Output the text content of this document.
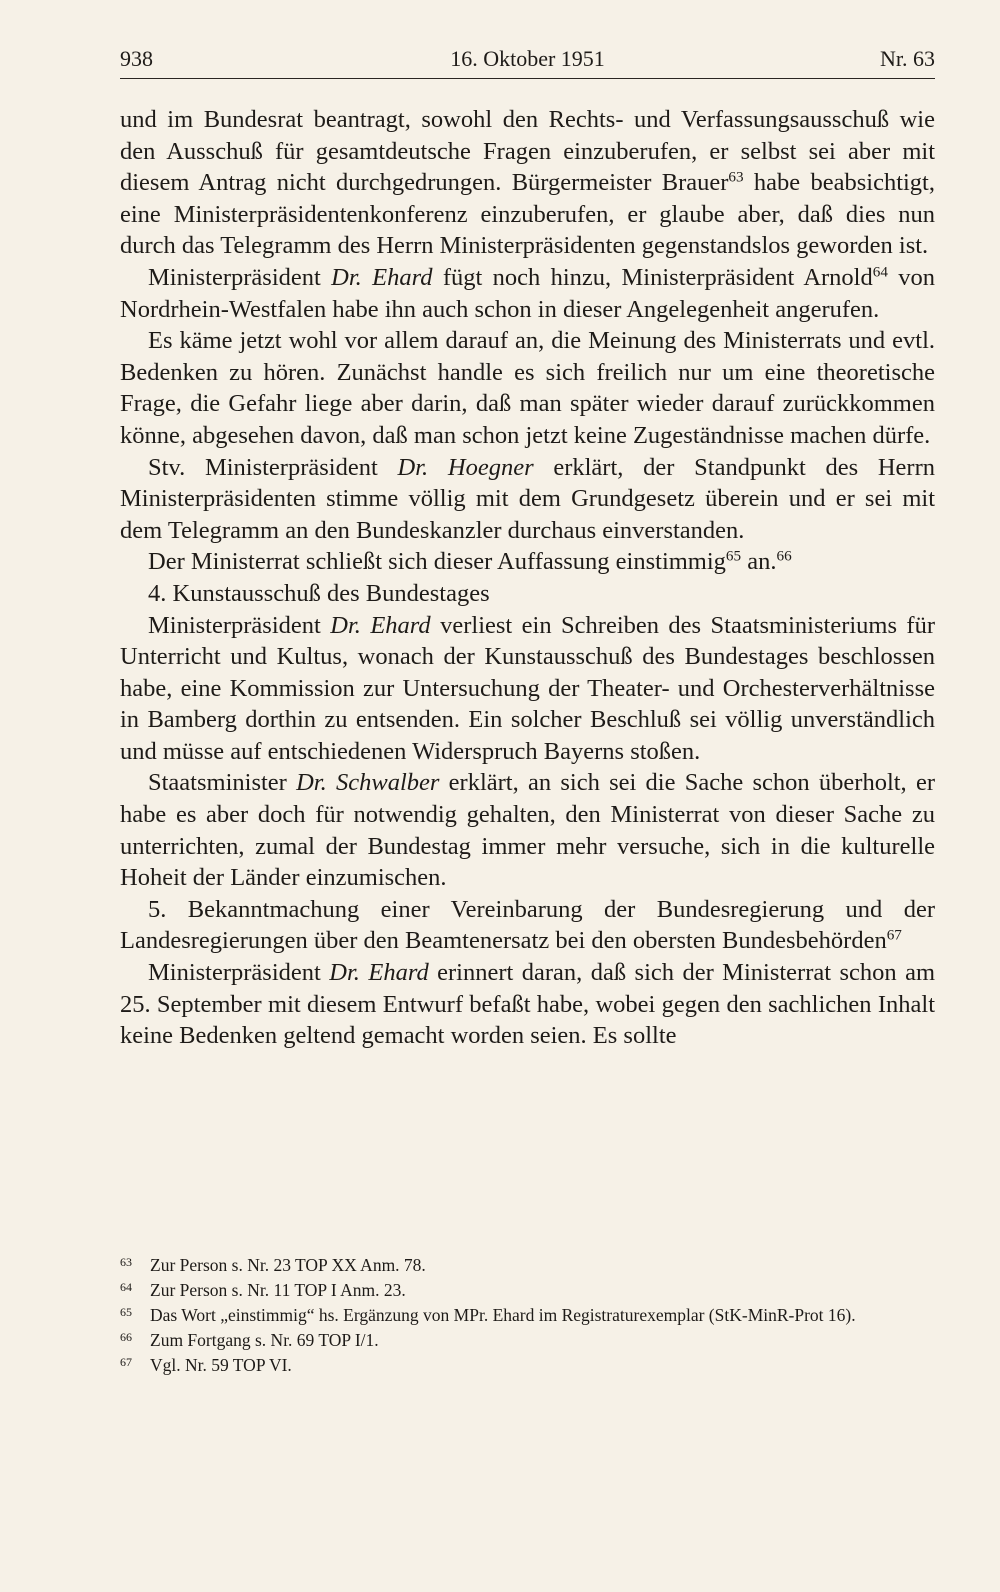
938	16. Oktober 1951	Nr. 63

und im Bundesrat beantragt, sowohl den Rechts- und Verfassungsausschuß wie den Ausschuß für gesamtdeutsche Fragen einzuberufen, er selbst sei aber mit diesem Antrag nicht durchgedrungen. Bürgermeister Brauer$^{63}$ habe beabsichtigt, eine Ministerpräsidentenkonferenz einzuberufen, er glaube aber, daß dies nun durch das Telegramm des Herrn Ministerpräsidenten gegenstandslos geworden ist.

Ministerpräsident Dr. Ehard fügt noch hinzu, Ministerpräsident Arnold$^{64}$ von Nordrhein-Westfalen habe ihn auch schon in dieser Angelegenheit angerufen.

Es käme jetzt wohl vor allem darauf an, die Meinung des Ministerrats und evtl. Bedenken zu hören. Zunächst handle es sich freilich nur um eine theoretische Frage, die Gefahr liege aber darin, daß man später wieder darauf zurückkommen könne, abgesehen davon, daß man schon jetzt keine Zugeständnisse machen dürfe.

Stv. Ministerpräsident Dr. Hoegner erklärt, der Standpunkt des Herrn Ministerpräsidenten stimme völlig mit dem Grundgesetz überein und er sei mit dem Telegramm an den Bundeskanzler durchaus einverstanden.

Der Ministerrat schließt sich dieser Auffassung einstimmig$^{65}$ an.$^{66}$

4. Kunstausschuß des Bundestages

Ministerpräsident Dr. Ehard verliest ein Schreiben des Staatsministeriums für Unterricht und Kultus, wonach der Kunstausschuß des Bundestages beschlossen habe, eine Kommission zur Untersuchung der Theater- und Orchesterverhältnisse in Bamberg dorthin zu entsenden. Ein solcher Beschluß sei völlig unverständlich und müsse auf entschiedenen Widerspruch Bayerns stoßen.

Staatsminister Dr. Schwalber erklärt, an sich sei die Sache schon überholt, er habe es aber doch für notwendig gehalten, den Ministerrat von dieser Sache zu unterrichten, zumal der Bundestag immer mehr versuche, sich in die kulturelle Hoheit der Länder einzumischen.

5. Bekanntmachung einer Vereinbarung der Bundesregierung und der Landesregierungen über den Beamtenersatz bei den obersten Bundesbehörden$^{67}$

Ministerpräsident Dr. Ehard erinnert daran, daß sich der Ministerrat schon am 25. September mit diesem Entwurf befaßt habe, wobei gegen den sachlichen Inhalt keine Bedenken geltend gemacht worden seien. Es sollte

63 Zur Person s. Nr. 23 TOP XX Anm. 78.
64 Zur Person s. Nr. 11 TOP I Anm. 23.
65 Das Wort „einstimmig“ hs. Ergänzung von MPr. Ehard im Registraturexemplar (StK-MinR-Prot 16).
66 Zum Fortgang s. Nr. 69 TOP I/1.
67 Vgl. Nr. 59 TOP VI.
